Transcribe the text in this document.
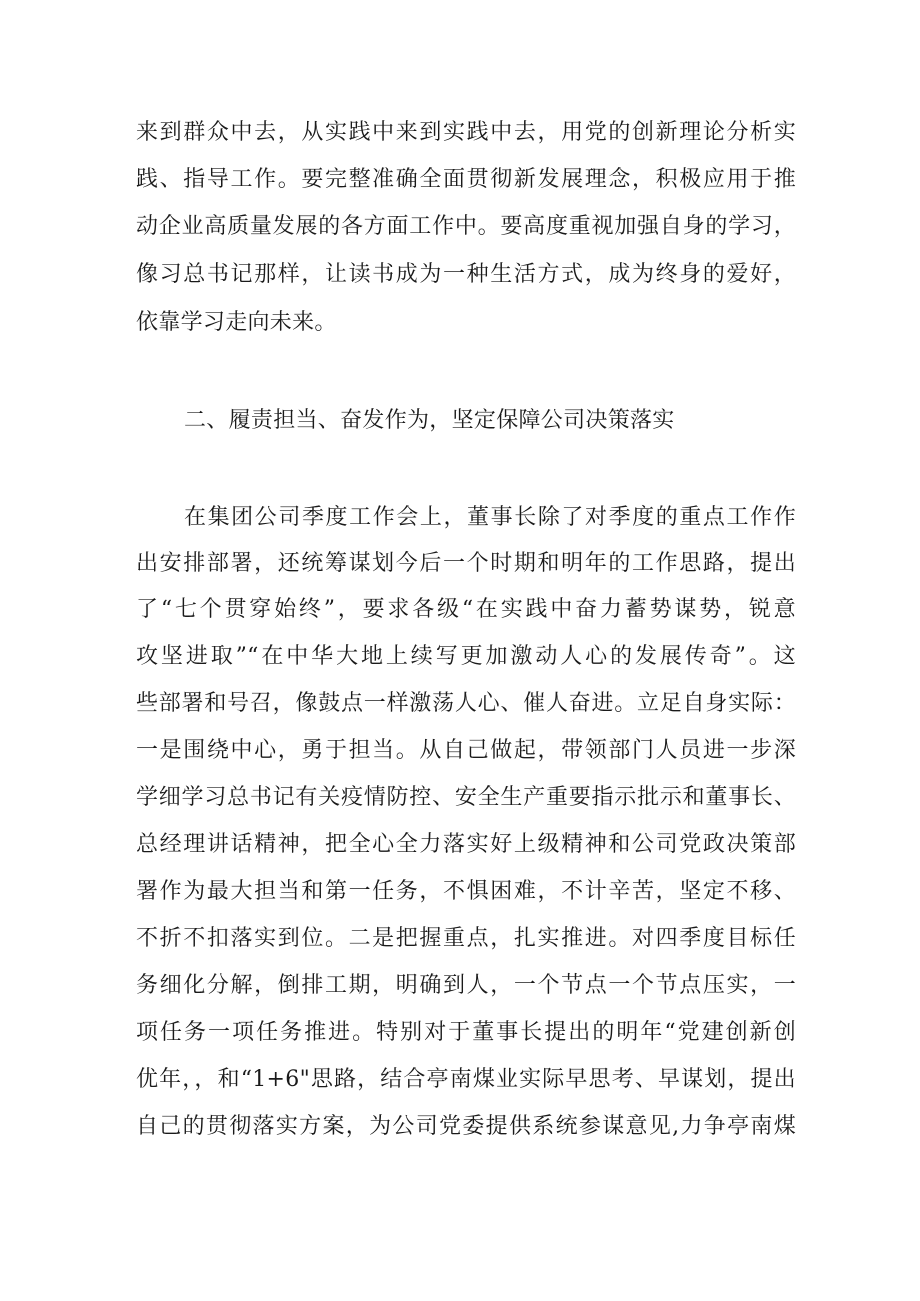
来到群众中去，从实践中来到实践中去，用党的创新理论分析实
践、指导工作。要完整准确全面贯彻新发展理念，积极应用于推
动企业高质量发展的各方面工作中。要高度重视加强自身的学习，
像习总书记那样，让读书成为一种生活方式，成为终身的爱好，
依靠学习走向未来。
二、履责担当、奋发作为，坚定保障公司决策落实
在集团公司季度工作会上，董事长除了对季度的重点工作作
出安排部署，还统筹谋划今后一个时期和明年的工作思路，提出
了“七个贯穿始终”，要求各级“在实践中奋力蓄势谋势，锐意
攻坚进取”“在中华大地上续写更加激动人心的发展传奇”。这
些部署和号召，像鼓点一样激荡人心、催人奋进。立足自身实际：
一是围绕中心，勇于担当。从自己做起，带领部门人员进一步深
学细学习总书记有关疫情防控、安全生产重要指示批示和董事长、
总经理讲话精神，把全心全力落实好上级精神和公司党政决策部
署作为最大担当和第一任务，不惧困难，不计辛苦，坚定不移、
不折不扣落实到位。二是把握重点，扎实推进。对四季度目标任
务细化分解，倒排工期，明确到人，一个节点一个节点压实，一
项任务一项任务推进。特别对于董事长提出的明年“党建创新创
优年，，和“1+6"思路，结合亭南煤业实际早思考、早谋划，提出
自己的贯彻落实方案，为公司党委提供系统参谋意见,力争亭南煤
